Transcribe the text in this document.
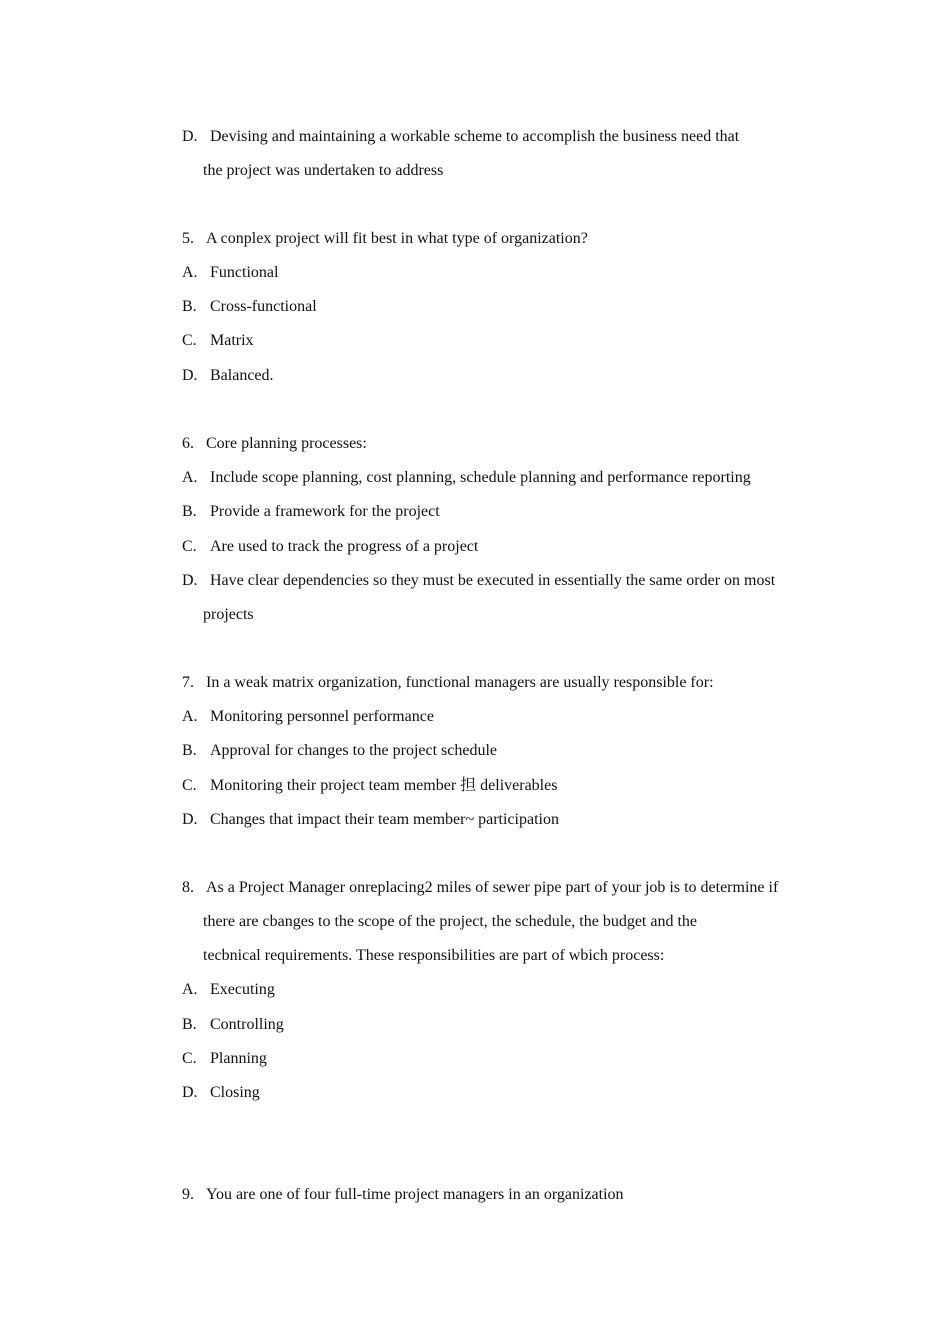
D. Devising and maintaining a workable scheme to accomplish the business need that
the project was undertaken to address
5. A conplex project will fit best in what type of organization?
A. Functional
B. Cross-functional
C. Matrix
D. Balanced.
6. Core planning processes:
A. Include scope planning, cost planning, schedule planning and performance reporting
B. Provide a framework for the project
C. Are used to track the progress of a project
D. Have clear dependencies so they must be executed in essentially the same order on most
projects
7. In a weak matrix organization, functional managers are usually responsible for:
A. Monitoring personnel performance
B. Approval for changes to the project schedule
C. Monitoring their project team member 担 deliverables
D. Changes that impact their team member~ participation
8. As a Project Manager onreplacing2 miles of sewer pipe part of your job is to determine if
there are cbanges to the scope of the project, the schedule, the budget and the
tecbnical requirements. These responsibilities are part of wbich process:
A. Executing
B. Controlling
C. Planning
D. Closing
9. You are one of four full-time project managers in an organization
